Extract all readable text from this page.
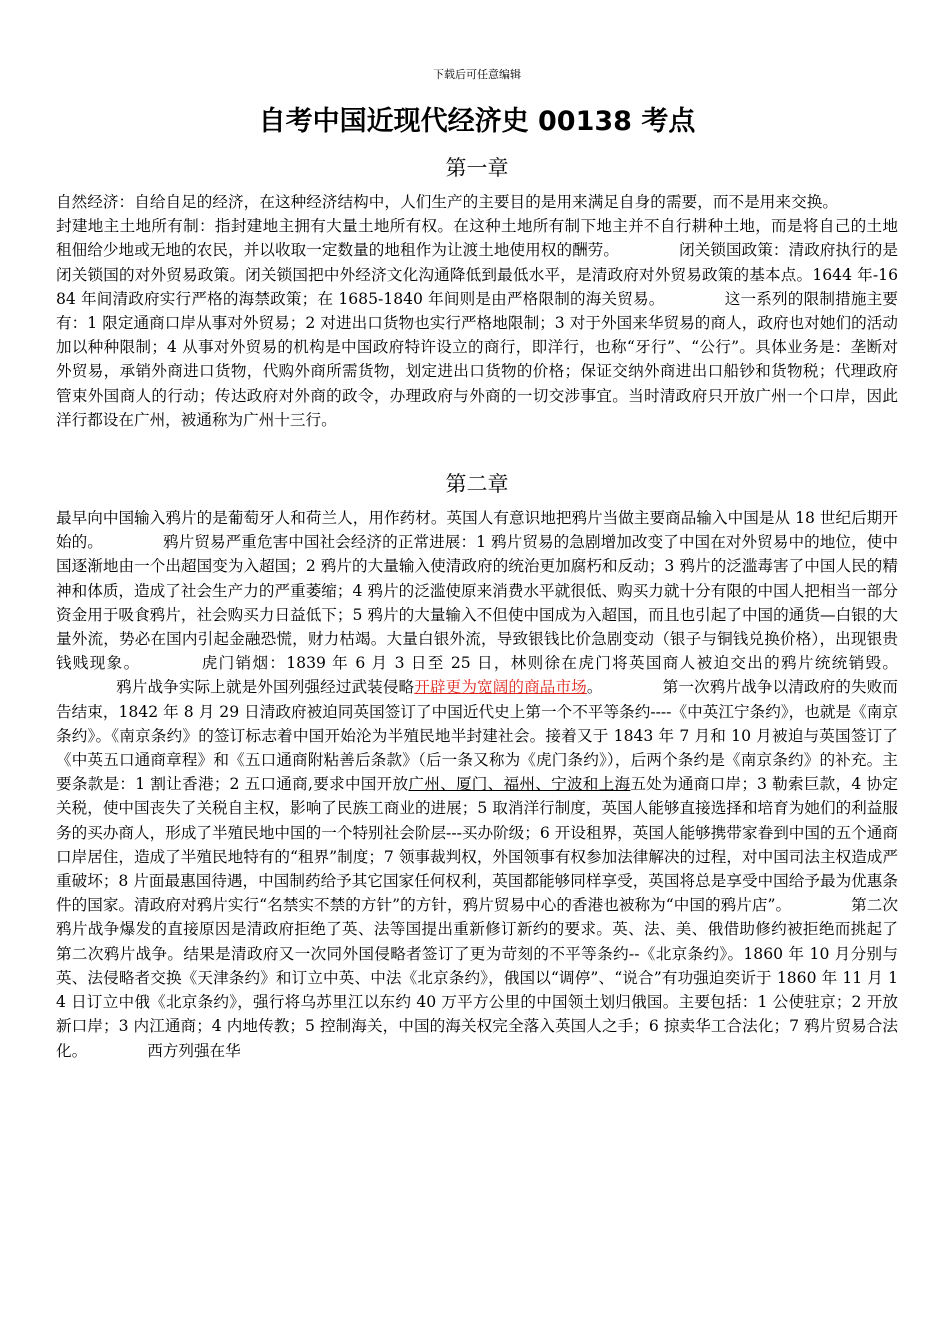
下载后可任意编辑
自考中国近现代经济史 00138 考点
第一章

自然经济：自给自足的经济，在这种经济结构中，人们生产的主要目的是用来满足自身的需要，而不是用来交换。封建地主土地所有制：指封建地主拥有大量土地所有权。在这种土地所有制下地主并不自行耕种土地，而是将自己的土地租佃给少地或无地的农民，并以收取一定数量的地租作为让渡土地使用权的酬劳。	闭关锁国政策：清政府执行的是闭关锁国的对外贸易政策。闭关锁国把中外经济文化沟通降低到最低水平，是清政府对外贸易政策的基本点。1644 年-1684 年间清政府实行严格的海禁政策；在 1685-1840 年间则是由严格限制的海关贸易。	这一系列的限制措施主要有：1 限定通商口岸从事对外贸易；2 对进出口货物也实行严格地限制；3 对于外国来华贸易的商人，政府也对她们的活动加以种种限制；4 从事对外贸易的机构是中国政府特许设立的商行，即洋行，也称“牙行”、“公行”。具体业务是：垄断对外贸易，承销外商进口货物，代购外商所需货物，划定进出口货物的价格；保证交纳外商进出口船钞和货物税；代理政府管束外国商人的行动；传达政府对外商的政令，办理政府与外商的一切交涉事宜。当时清政府只开放广州一个口岸，因此洋行都设在广州，被通称为广州十三行。

第二章

最早向中国输入鸦片的是葡萄牙人和荷兰人，用作药材。英国人有意识地把鸦片当做主要商品输入中国是从 18 世纪后期开始的。	鸦片贸易严重危害中国社会经济的正常进展：1 鸦片贸易的急剧增加改变了中国在对外贸易中的地位，使中国逐渐地由一个出超国变为入超国；2 鸦片的大量输入使清政府的统治更加腐朽和反动；3 鸦片的泛滥毒害了中国人民的精神和体质，造成了社会生产力的严重萎缩；4 鸦片的泛滥使原来消费水平就很低、购买力就十分有限的中国人把相当一部分资金用于吸食鸦片，社会购买力日益低下；5 鸦片的大量输入不但使中国成为入超国，而且也引起了中国的通货—白银的大量外流，势必在国内引起金融恐慌，财力枯竭。大量白银外流，导致银钱比价急剧变动（银子与铜钱兑换价格），出现银贵钱贱现象。	虎门销烟：1839 年 6 月 3 日至 25 日，林则徐在虎门将英国商人被迫交出的鸦片统统销毁。鸦片战争实际上就是外国列强经过武装侵略开辟更为宽阔的商品市场。	第一次鸦片战争以清政府的失败而告结束，1842 年 8 月 29 日清政府被迫同英国签订了中国近代史上第一个不平等条约----《中英江宁条约》，也就是《南京条约》。《南京条约》的签订标志着中国开始沦为半殖民地半封建社会。接着又于 1843 年 7 月和 10 月被迫与英国签订了《中英五口通商章程》和《五口通商附粘善后条款》（后一条又称为《虎门条约》），后两个条约是《南京条约》的补充。主要条款是：1 割让香港；2 五口通商,要求中国开放广州、厦门、福州、宁波和上海五处为通商口岸；3 勒索巨款，4 协定关税，使中国丧失了关税自主权，影响了民族工商业的进展；5 取消洋行制度，英国人能够直接选择和培育为她们的利益服务的买办商人，形成了半殖民地中国的一个特别社会阶层---买办阶级；6 开设租界，英国人能够携带家眷到中国的五个通商口岸居住，造成了半殖民地特有的“租界”制度；7 领事裁判权，外国领事有权参加法律解决的过程，对中国司法主权造成严重破坏；8 片面最惠国待遇，中国制药给予其它国家任何权利，英国都能够同样享受，英国将总是享受中国给予最为优惠条件的国家。清政府对鸦片实行“名禁实不禁的方针”的方针，鸦片贸易中心的香港也被称为“中国的鸦片店”。	第二次鸦片战争爆发的直接原因是清政府拒绝了英、法等国提出重新修订新约的要求。英、法、美、俄借助修约被拒绝而挑起了第二次鸦片战争。结果是清政府又一次同外国侵略者签订了更为苛刻的不平等条约--《北京条约》。1860 年 10 月分别与英、法侵略者交换《天津条约》和订立中英、中法《北京条约》，俄国以“调停”、“说合”有功强迫奕䜣于 1860 年 11 月 14 日订立中俄《北京条约》，强行将乌苏里江以东约 40 万平方公里的中国领土划归俄国。主要包括：1 公使驻京；2 开放新口岸；3 内江通商；4 内地传教；5 控制海关，中国的海关权完全落入英国人之手；6 掠卖华工合法化；7 鸦片贸易合法化。	西方列强在华
